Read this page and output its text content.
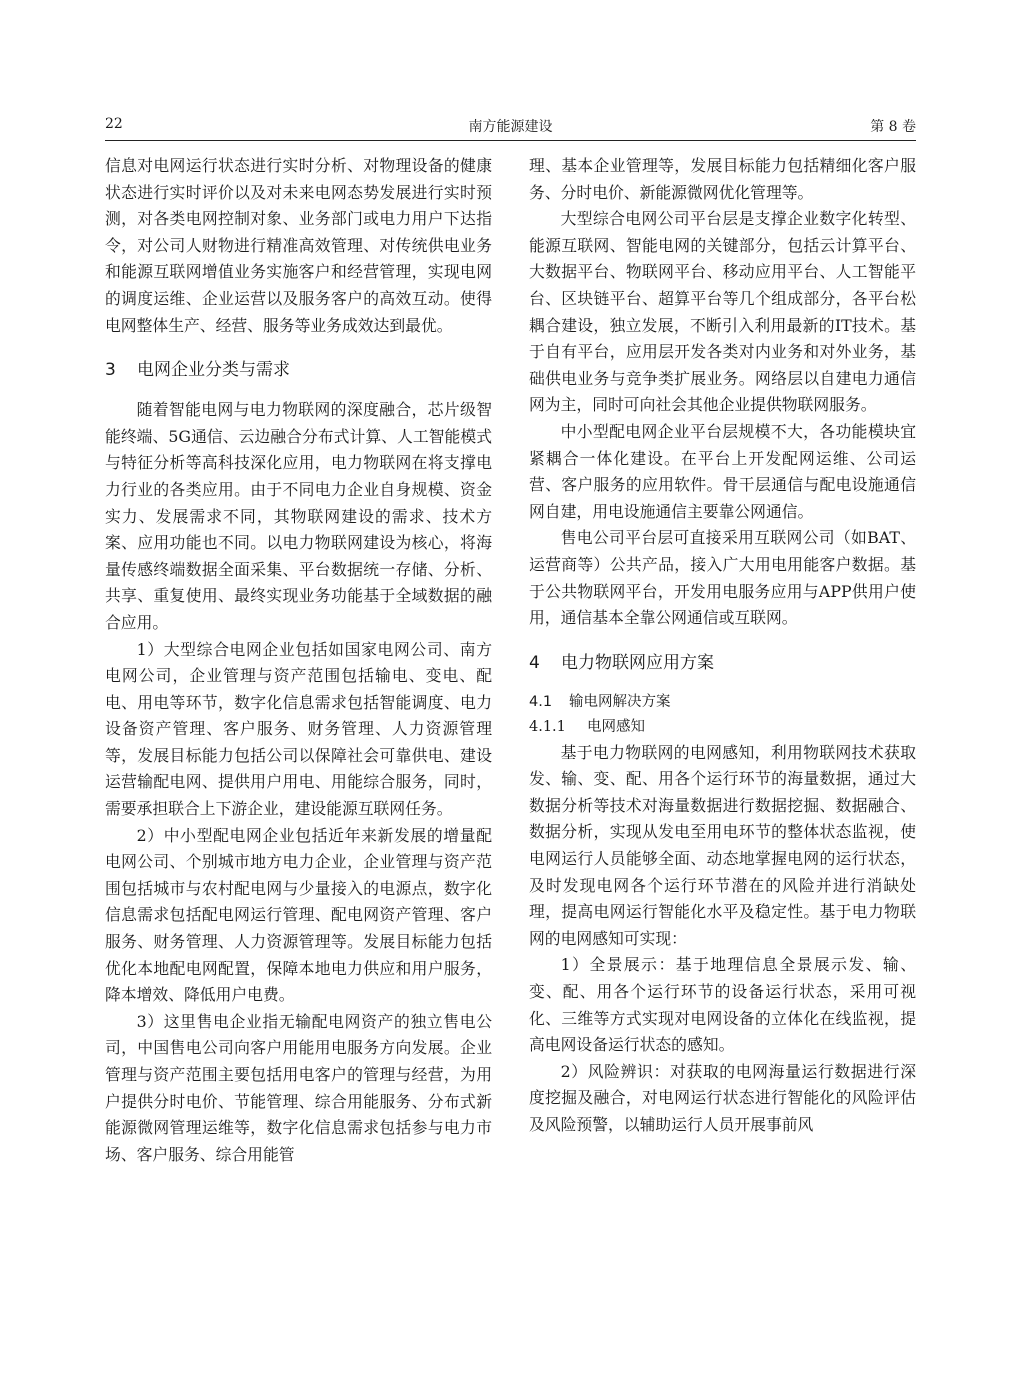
22	南方能源建设	第 8 卷

信息对电网运行状态进行实时分析、对物理设备的健康状态进行实时评价以及对未来电网态势发展进行实时预测，对各类电网控制对象、业务部门或电力用户下达指令，对公司人财物进行精准高效管理、对传统供电业务和能源互联网增值业务实施客户和经营管理，实现电网的调度运维、企业运营以及服务客户的高效互动。使得电网整体生产、经营、服务等业务成效达到最优。

3 电网企业分类与需求

随着智能电网与电力物联网的深度融合，芯片级智能终端、5G通信、云边融合分布式计算、人工智能模式与特征分析等高科技深化应用，电力物联网在将支撑电力行业的各类应用。由于不同电力企业自身规模、资金实力、发展需求不同，其物联网建设的需求、技术方案、应用功能也不同。以电力物联网建设为核心，将海量传感终端数据全面采集、平台数据统一存储、分析、共享、重复使用、最终实现业务功能基于全域数据的融合应用。

1）大型综合电网企业包括如国家电网公司、南方电网公司，企业管理与资产范围包括输电、变电、配电、用电等环节，数字化信息需求包括智能调度、电力设备资产管理、客户服务、财务管理、人力资源管理等，发展目标能力包括公司以保障社会可靠供电、建设运营输配电网、提供用户用电、用能综合服务，同时，需要承担联合上下游企业，建设能源互联网任务。

2）中小型配电网企业包括近年来新发展的增量配电网公司、个别城市地方电力企业，企业管理与资产范围包括城市与农村配电网与少量接入的电源点，数字化信息需求包括配电网运行管理、配电网资产管理、客户服务、财务管理、人力资源管理等。发展目标能力包括优化本地配电网配置，保障本地电力供应和用户服务，降本增效、降低用户电费。

3）这里售电企业指无输配电网资产的独立售电公司，中国售电公司向客户用能用电服务方向发展。企业管理与资产范围主要包括用电客户的管理与经营，为用户提供分时电价、节能管理、综合用能服务、分布式新能源微网管理运维等，数字化信息需求包括参与电力市场、客户服务、综合用能管

理、基本企业管理等，发展目标能力包括精细化客户服务、分时电价、新能源微网优化管理等。

大型综合电网公司平台层是支撑企业数字化转型、能源互联网、智能电网的关键部分，包括云计算平台、大数据平台、物联网平台、移动应用平台、人工智能平台、区块链平台、超算平台等几个组成部分，各平台松耦合建设，独立发展，不断引入利用最新的IT技术。基于自有平台，应用层开发各类对内业务和对外业务，基础供电业务与竞争类扩展业务。网络层以自建电力通信网为主，同时可向社会其他企业提供物联网服务。

中小型配电网企业平台层规模不大，各功能模块宜紧耦合一体化建设。在平台上开发配网运维、公司运营、客户服务的应用软件。骨干层通信与配电设施通信网自建，用电设施通信主要靠公网通信。

售电公司平台层可直接采用互联网公司（如BAT、运营商等）公共产品，接入广大用电用能客户数据。基于公共物联网平台，开发用电服务应用与APP供用户使用，通信基本全靠公网通信或互联网。

4 电力物联网应用方案
4.1 输电网解决方案
4.1.1 电网感知

基于电力物联网的电网感知，利用物联网技术获取发、输、变、配、用各个运行环节的海量数据，通过大数据分析等技术对海量数据进行数据挖掘、数据融合、数据分析，实现从发电至用电环节的整体状态监视，使电网运行人员能够全面、动态地掌握电网的运行状态，及时发现电网各个运行环节潜在的风险并进行消缺处理，提高电网运行智能化水平及稳定性。基于电力物联网的电网感知可实现：

1）全景展示：基于地理信息全景展示发、输、变、配、用各个运行环节的设备运行状态，采用可视化、三维等方式实现对电网设备的立体化在线监视，提高电网设备运行状态的感知。

2）风险辨识：对获取的电网海量运行数据进行深度挖掘及融合，对电网运行状态进行智能化的风险评估及风险预警，以辅助运行人员开展事前风
